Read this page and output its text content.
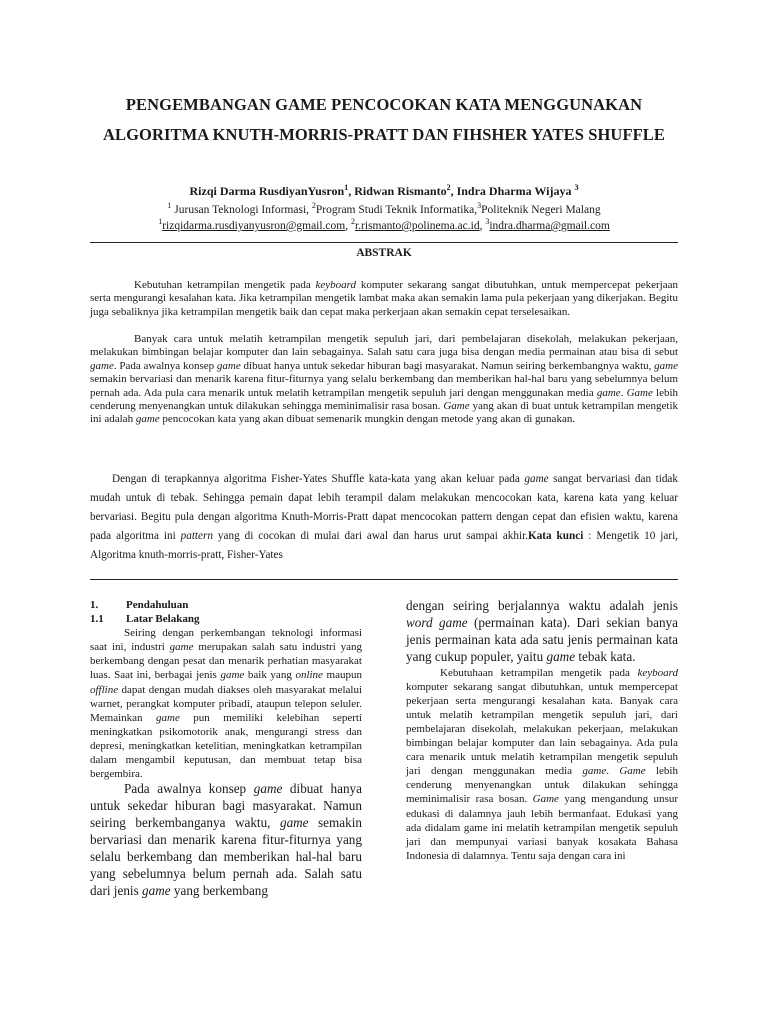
PENGEMBANGAN GAME PENCOCOKAN KATA MENGGUNAKAN ALGORITMA KNUTH-MORRIS-PRATT DAN FIHSHER YATES SHUFFLE
Rizqi Darma RusdiyanYusron$^1$, Ridwan Rismanto$^2$, Indra Dharma Wijaya $^3$
$^1$ Jurusan Teknologi Informasi, $^2$Program Studi Teknik Informatika,$^3$Politeknik Negeri Malang
$^1$rizqidarma.rusdiyanyusron@gmail.com, $^2$r.rismanto@polinema.ac.id, $^3$indra.dharma@gmail.com
ABSTRAK

Kebutuhan ketrampilan mengetik pada keyboard komputer sekarang sangat dibutuhkan, untuk mempercepat pekerjaan serta mengurangi kesalahan kata. Jika ketrampilan mengetik lambat maka akan semakin lama pula pekerjaan yang dikerjakan. Begitu juga sebaliknya jika ketrampilan mengetik baik dan cepat maka perkerjaan akan semakin cepat terselesaikan.

Banyak cara untuk melatih ketrampilan mengetik sepuluh jari, dari pembelajaran disekolah, melakukan pekerjaan, melakukan bimbingan belajar komputer dan lain sebagainya. Salah satu cara juga bisa dengan media permainan atau bisa di sebut game. Pada awalnya konsep game dibuat hanya untuk sekedar hiburan bagi masyarakat. Namun seiring berkembangnya waktu, game semakin bervariasi dan menarik karena fitur-fiturnya yang selalu berkembang dan memberikan hal-hal baru yang sebelumnya belum pernah ada. Ada pula cara menarik untuk melatih ketrampilan mengetik sepuluh jari dengan menggunakan media game. Game lebih cenderung menyenangkan untuk dilakukan sehingga meminimalisir rasa bosan. Game yang akan di buat untuk ketrampilan mengetik ini adalah game pencocokan kata yang akan dibuat semenarik mungkin dengan metode yang akan di gunakan.

Dengan di terapkannya algoritma Fisher-Yates Shuffle kata-kata yang akan keluar pada game sangat bervariasi dan tidak mudah untuk di tebak. Sehingga pemain dapat lebih terampil dalam melakukan mencocokan kata, karena kata yang keluar bervariasi. Begitu pula dengan algoritma Knuth-Morris-Pratt dapat mencocokan pattern dengan cepat dan efisien waktu, karena pada algoritma ini pattern yang di cocokan di mulai dari awal dan harus urut sampai akhir.Kata kunci : Mengetik 10 jari, Algoritma knuth-morris-pratt, Fisher-Yates

1.	Pendahuluan
1.1	Latar Belakang

Seiring dengan perkembangan teknologi informasi saat ini, industri game merupakan salah satu industri yang berkembang dengan pesat dan menarik perhatian masyarakat luas. Saat ini, berbagai jenis game baik yang online maupun offline dapat dengan mudah diakses oleh masyarakat melalui warnet, perangkat komputer pribadi, ataupun telepon seluler. Memainkan game pun memiliki kelebihan seperti meningkatkan psikomotorik anak, mengurangi stress dan depresi, meningkatkan ketelitian, meningkatkan ketrampilan dalam mengambil keputusan, dan membuat tetap bisa bergembira.

Pada awalnya konsep game dibuat hanya untuk sekedar hiburan bagi masyarakat. Namun seiring berkembanganya waktu, game semakin bervariasi dan menarik karena fitur-fiturnya yang selalu berkembang dan memberikan hal-hal baru yang sebelumnya belum pernah ada. Salah satu dari jenis game yang berkembang

dengan seiring berjalannya waktu adalah jenis word game (permainan kata). Dari sekian banya jenis permainan kata ada satu jenis permainan kata yang cukup populer, yaitu game tebak kata.

Kebutuhaan ketrampilan mengetik pada keyboard komputer sekarang sangat dibutuhkan, untuk mempercepat pekerjaan serta mengurangi kesalahan kata. Banyak cara untuk melatih ketrampilan mengetik sepuluh jari, dari pembelajaran disekolah, melakukan pekerjaan, melakukan bimbingan belajar komputer dan lain sebagainya. Ada pula cara menarik untuk melatih ketrampilan mengetik sepuluh jari dengan menggunakan media game. Game lebih cenderung menyenangkan untuk dilakukan sehingga meminimalisir rasa bosan. Game yang mengandung unsur edukasi di dalamnya jauh lebih bermanfaat. Edukasi yang ada didalam game ini melatih ketrampilan mengetik sepuluh jari dan mempunyai variasi banyak kosakata Bahasa Indonesia di dalamnya. Tentu saja dengan cara ini
